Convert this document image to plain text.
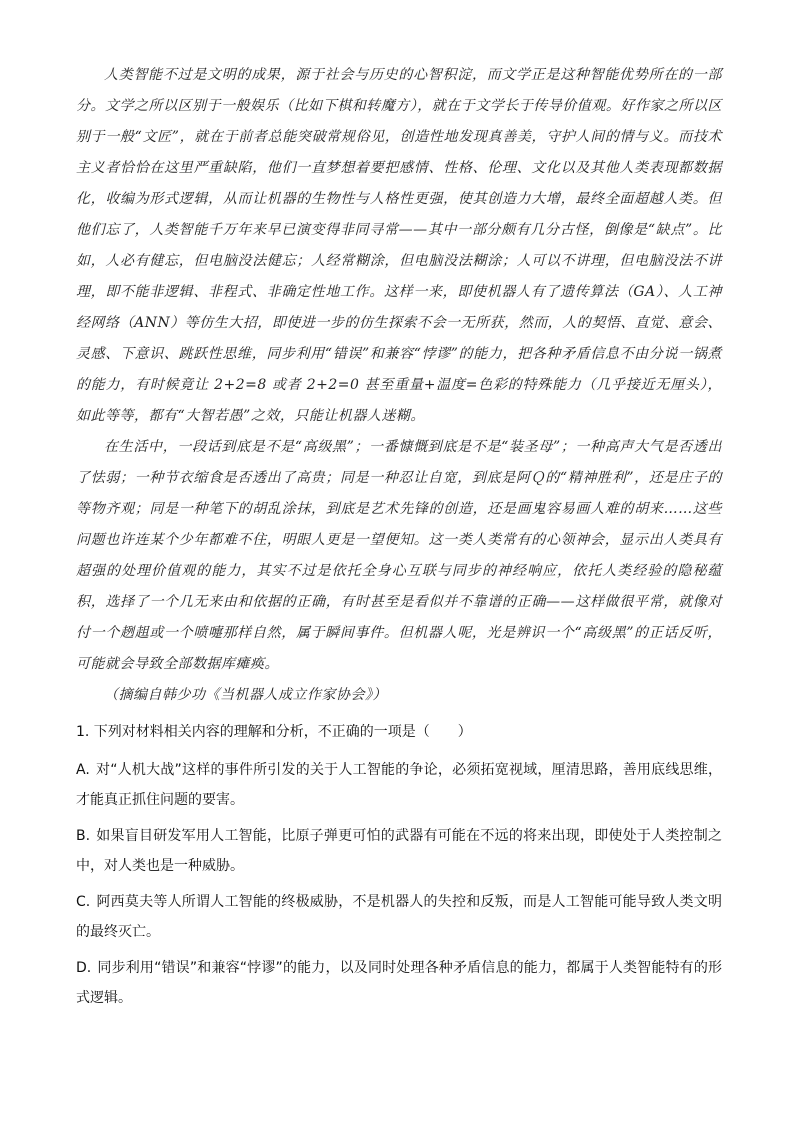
人类智能不过是文明的成果，源于社会与历史的心智积淀，而文学正是这种智能优势所在的一部分。文学之所以区别于一般娱乐（比如下棋和转魔方），就在于文学长于传导价值观。好作家之所以区别于一般“文匠”，就在于前者总能突破常规俗见，创造性地发现真善美，守护人间的情与义。而技术主义者恰恰在这里严重缺陷，他们一直梦想着要把感情、性格、伦理、文化以及其他人类表现都数据化，收编为形式逻辑，从而让机器的生物性与人格性更强，使其创造力大增，最终全面超越人类。但他们忘了，人类智能千万年来早已演变得非同寻常——其中一部分颇有几分古怪，倒像是“缺点”。比如，人必有健忘，但电脑没法健忘；人经常糊涂，但电脑没法糊涂；人可以不讲理，但电脑没法不讲理，即不能非逻辑、非程式、非确定性地工作。这样一来，即使机器人有了遗传算法（GA）、人工神经网络（ANN）等仿生大招，即使进一步的仿生探索不会一无所获，然而，人的契悟、直觉、意会、灵感、下意识、跳跃性思维，同步利用“错误”和兼容“悖谬”的能力，把各种矛盾信息不由分说一锅煮的能力，有时候竟让 2+2=8 或者 2+2=0 甚至重量+温度=色彩的特殊能力（几乎接近无厘头），如此等等，都有“大智若愚”之效，只能让机器人迷糊。

在生活中，一段话到底是不是“高级黑”；一番慷慨到底是不是“装圣母”；一种高声大气是否透出了怯弱；一种节衣缩食是否透出了高贵；同是一种忍让自宽，到底是阿Ｑ的“精神胜利”，还是庄子的等物齐观；同是一种笔下的胡乱涂抹，到底是艺术先锋的创造，还是画鬼容易画人难的胡来……这些问题也许连某个少年都难不住，明眼人更是一望便知。这一类人类常有的心领神会，显示出人类具有超强的处理价值观的能力，其实不过是依托全身心互联与同步的神经响应，依托人类经验的隐秘蕴积，选择了一个几无来由和依据的正确，有时甚至是看似并不靠谱的正确——这样做很平常，就像对付一个趔趄或一个喷嚏那样自然，属于瞬间事件。但机器人呢，光是辨识一个“高级黑”的正话反听，可能就会导致全部数据库瘫痪。

（摘编自韩少功《当机器人成立作家协会》）

1. 下列对材料相关内容的理解和分析，不正确的一项是（　　）

A. 对“人机大战”这样的事件所引发的关于人工智能的争论，必须拓宽视域，厘清思路，善用底线思维，才能真正抓住问题的要害。

B. 如果盲目研发军用人工智能，比原子弹更可怕的武器有可能在不远的将来出现，即使处于人类控制之中，对人类也是一种威胁。

C. 阿西莫夫等人所谓人工智能的终极威胁，不是机器人的失控和反叛，而是人工智能可能导致人类文明的最终灭亡。

D. 同步利用“错误”和兼容“悖谬”的能力，以及同时处理各种矛盾信息的能力，都属于人类智能特有的形式逻辑。
